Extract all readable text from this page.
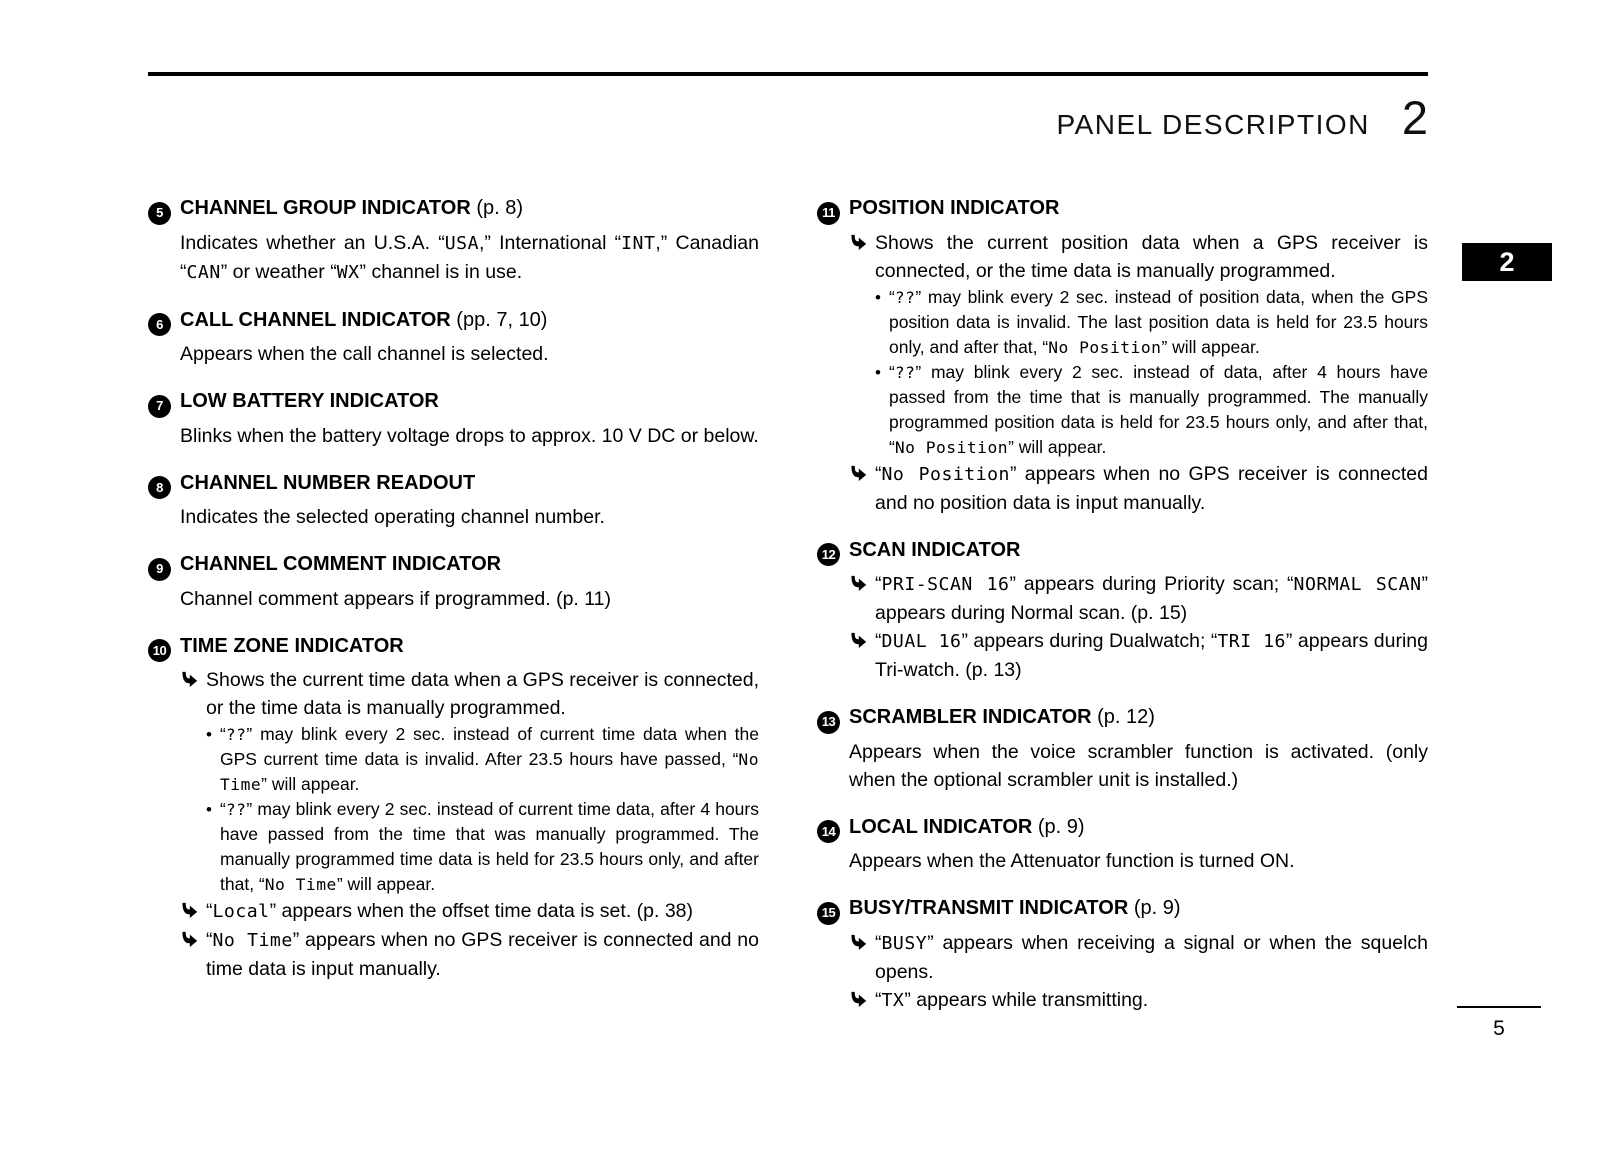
PANEL DESCRIPTION 2
2
5 CHANNEL GROUP INDICATOR (p. 8)
Indicates whether an U.S.A. “USA,” International “INT,” Canadian “CAN” or weather “WX” channel is in use.
6 CALL CHANNEL INDICATOR (pp. 7, 10)
Appears when the call channel is selected.
7 LOW BATTERY INDICATOR
Blinks when the battery voltage drops to approx. 10 V DC or below.
8 CHANNEL NUMBER READOUT
Indicates the selected operating channel number.
9 CHANNEL COMMENT INDICATOR
Channel comment appears if programmed. (p. 11)
10 TIME ZONE INDICATOR
Shows the current time data when a GPS receiver is connected, or the time data is manually programmed.
• “??” may blink every 2 sec. instead of current time data when the GPS current time data is invalid. After 23.5 hours have passed, “No Time” will appear.
• “??” may blink every 2 sec. instead of current time data, after 4 hours have passed from the time that was manually programmed. The manually programmed time data is held for 23.5 hours only, and after that, “No Time” will appear.
“Local” appears when the offset time data is set. (p. 38)
“No Time” appears when no GPS receiver is connected and no time data is input manually.
11 POSITION INDICATOR
Shows the current position data when a GPS receiver is connected, or the time data is manually programmed.
• “??” may blink every 2 sec. instead of position data, when the GPS position data is invalid. The last position data is held for 23.5 hours only, and after that, “No Position” will appear.
• “??” may blink every 2 sec. instead of data, after 4 hours have passed from the time that is manually programmed. The manually programmed position data is held for 23.5 hours only, and after that, “No Position” will appear.
“No Position” appears when no GPS receiver is connected and no position data is input manually.
12 SCAN INDICATOR
“PRI-SCAN 16” appears during Priority scan; “NORMAL SCAN” appears during Normal scan. (p. 15)
“DUAL 16” appears during Dualwatch; “TRI 16” appears during Tri-watch. (p. 13)
13 SCRAMBLER INDICATOR (p. 12)
Appears when the voice scrambler function is activated. (only when the optional scrambler unit is installed.)
14 LOCAL INDICATOR (p. 9)
Appears when the Attenuator function is turned ON.
15 BUSY/TRANSMIT INDICATOR (p. 9)
“BUSY” appears when receiving a signal or when the squelch opens.
“TX” appears while transmitting.
5
